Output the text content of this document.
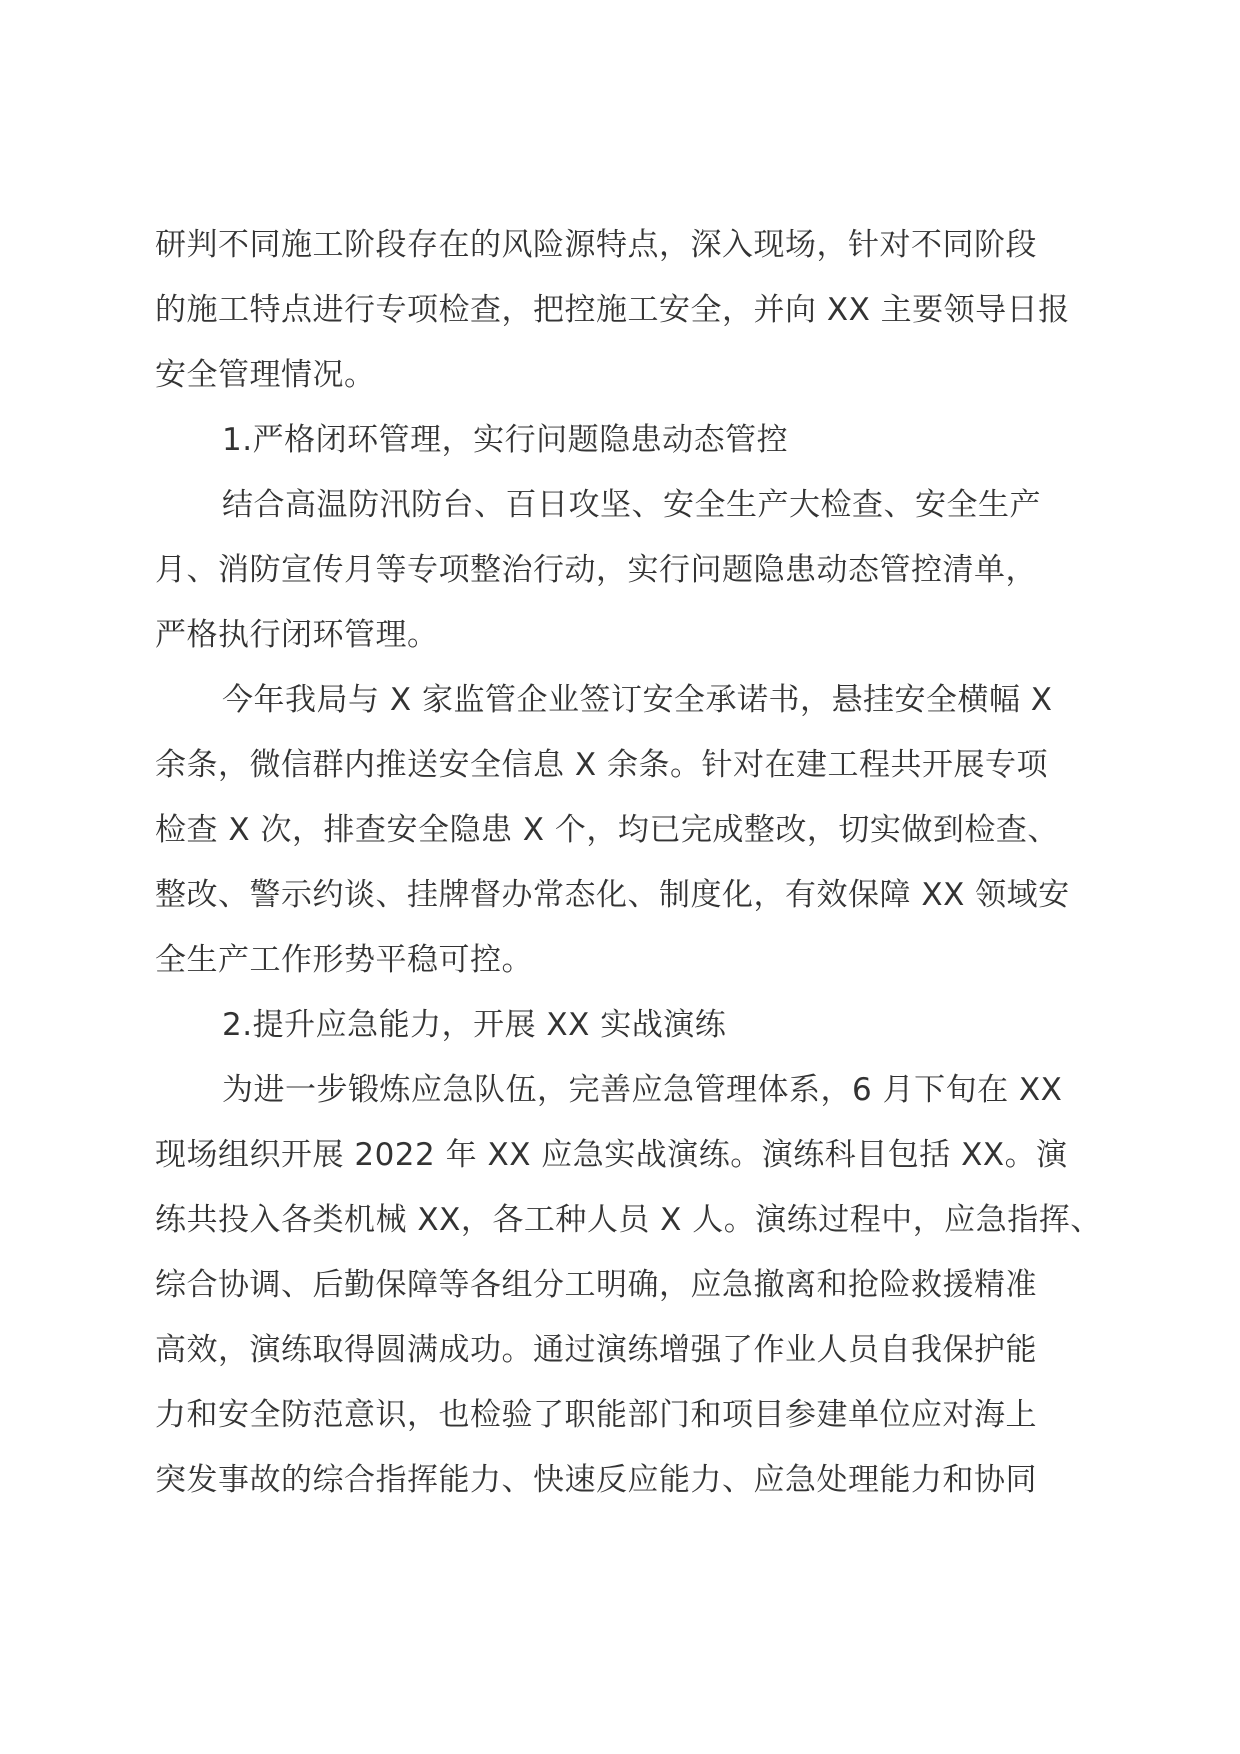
研判不同施工阶段存在的风险源特点，深入现场，针对不同阶段

的施工特点进行专项检查，把控施工安全，并向 XX 主要领导日报

安全管理情况。

1.严格闭环管理，实行问题隐患动态管控

结合高温防汛防台、百日攻坚、安全生产大检查、安全生产

月、消防宣传月等专项整治行动，实行问题隐患动态管控清单，

严格执行闭环管理。

今年我局与 X 家监管企业签订安全承诺书，悬挂安全横幅 X

余条，微信群内推送安全信息 X 余条。针对在建工程共开展专项

检查 X 次，排查安全隐患 X 个，均已完成整改，切实做到检查、

整改、警示约谈、挂牌督办常态化、制度化，有效保障 XX 领域安

全生产工作形势平稳可控。

2.提升应急能力，开展 XX 实战演练

为进一步锻炼应急队伍，完善应急管理体系，6 月下旬在 XX

现场组织开展 2022 年 XX 应急实战演练。演练科目包括 XX。演

练共投入各类机械 XX，各工种人员 X 人。演练过程中，应急指挥、

综合协调、后勤保障等各组分工明确，应急撤离和抢险救援精准

高效，演练取得圆满成功。通过演练增强了作业人员自我保护能

力和安全防范意识，也检验了职能部门和项目参建单位应对海上

突发事故的综合指挥能力、快速反应能力、应急处理能力和协同
